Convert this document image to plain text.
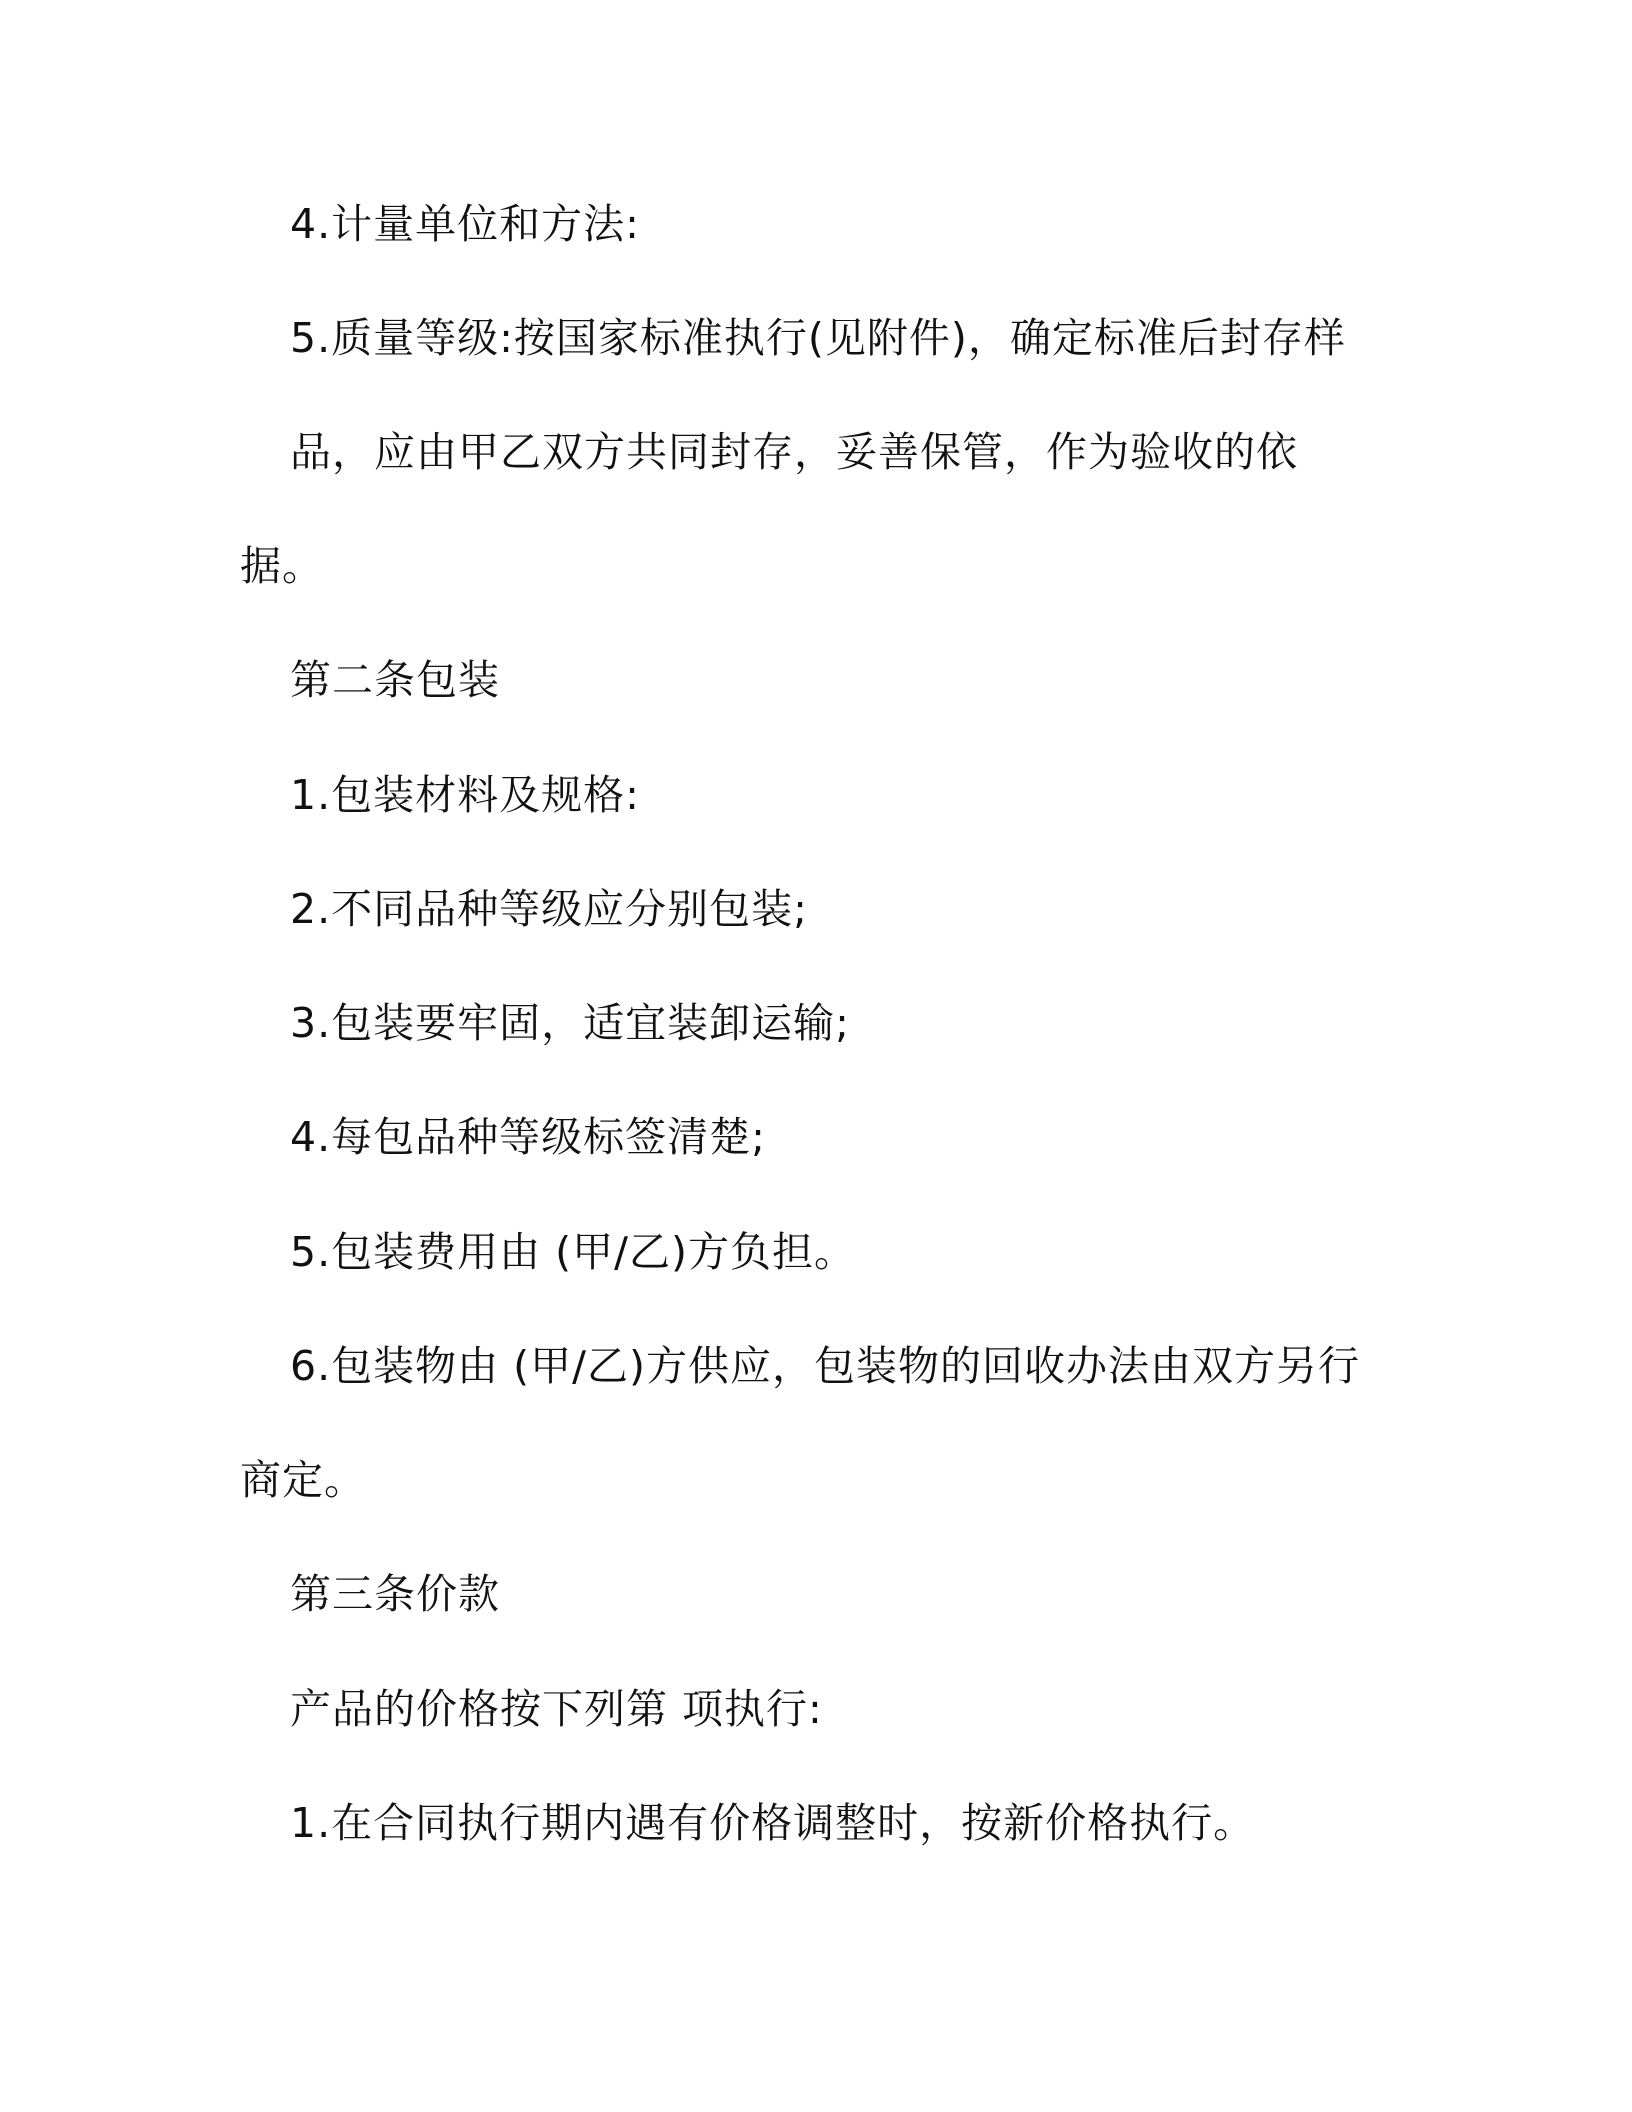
4.计量单位和方法:
5.质量等级:按国家标准执行(见附件)，确定标准后封存样
品，应由甲乙双方共同封存，妥善保管，作为验收的依
据。
第二条包装
1.包装材料及规格:
2.不同品种等级应分别包装;
3.包装要牢固，适宜装卸运输;
4.每包品种等级标签清楚;
5.包装费用由 (甲/乙)方负担。
6.包装物由 (甲/乙)方供应，包装物的回收办法由双方另行
商定。
第三条价款
产品的价格按下列第 项执行:
1.在合同执行期内遇有价格调整时，按新价格执行。
